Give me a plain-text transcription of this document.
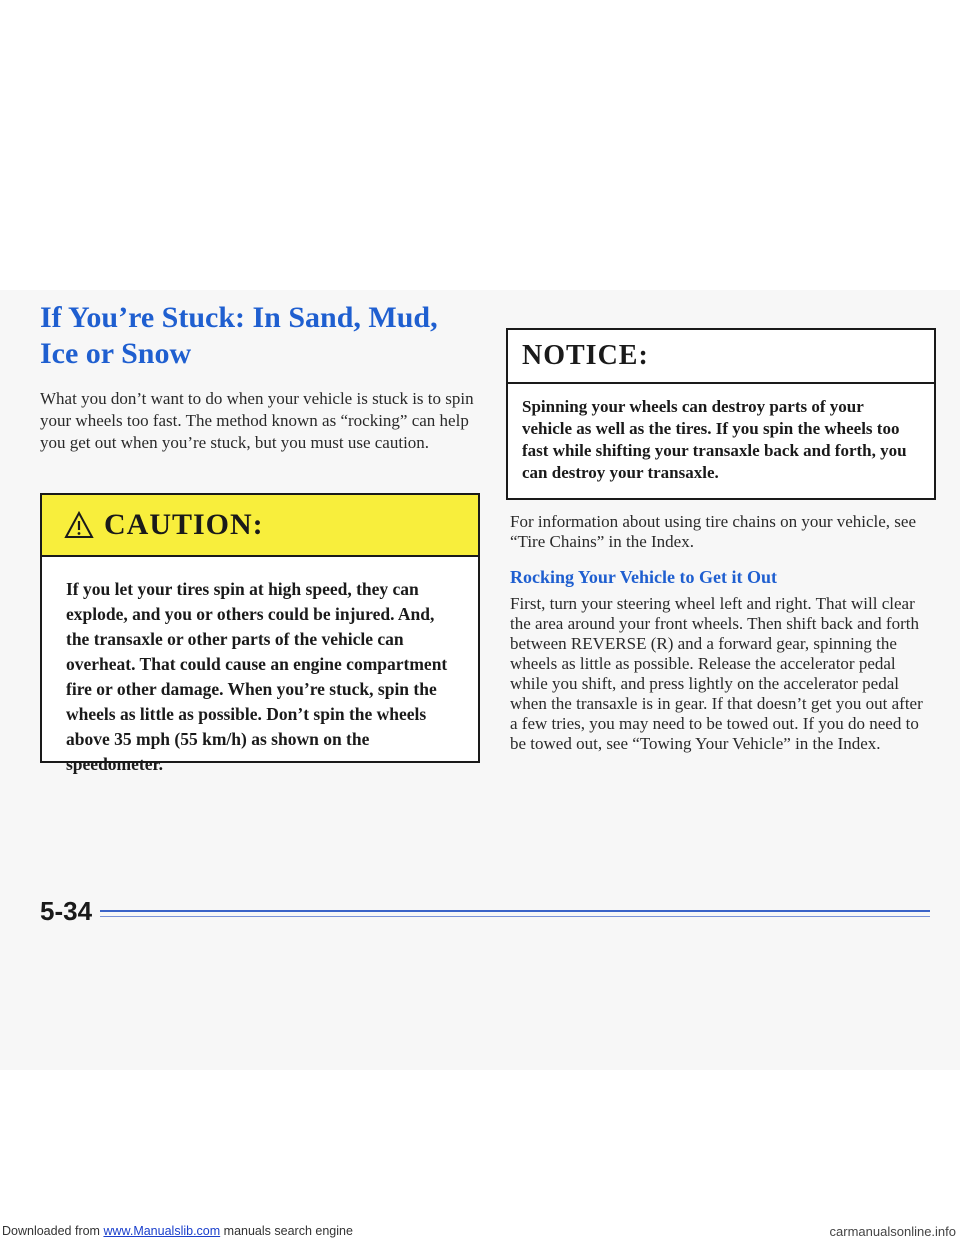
If You’re Stuck: In Sand, Mud, Ice or Snow

What you don’t want to do when your vehicle is stuck is to spin your wheels too fast. The method known as “rocking” can help you get out when you’re stuck, but you must use caution.

CAUTION:

If you let your tires spin at high speed, they can explode, and you or others could be injured. And, the transaxle or other parts of the vehicle can overheat. That could cause an engine compartment fire or other damage. When you’re stuck, spin the wheels as little as possible. Don’t spin the wheels above 35 mph (55 km/h) as shown on the speedometer.

NOTICE:

Spinning your wheels can destroy parts of your vehicle as well as the tires. If you spin the wheels too fast while shifting your transaxle back and forth, you can destroy your transaxle.

For information about using tire chains on your vehicle, see “Tire Chains” in the Index.

Rocking Your Vehicle to Get it Out

First, turn your steering wheel left and right. That will clear the area around your front wheels. Then shift back and forth between REVERSE (R) and a forward gear, spinning the wheels as little as possible. Release the accelerator pedal while you shift, and press lightly on the accelerator pedal when the transaxle is in gear. If that doesn’t get you out after a few tries, you may need to be towed out. If you do need to be towed out, see “Towing Your Vehicle” in the Index.

5-34
Downloaded from www.Manualslib.com manuals search engine	carmanualsonline.info
